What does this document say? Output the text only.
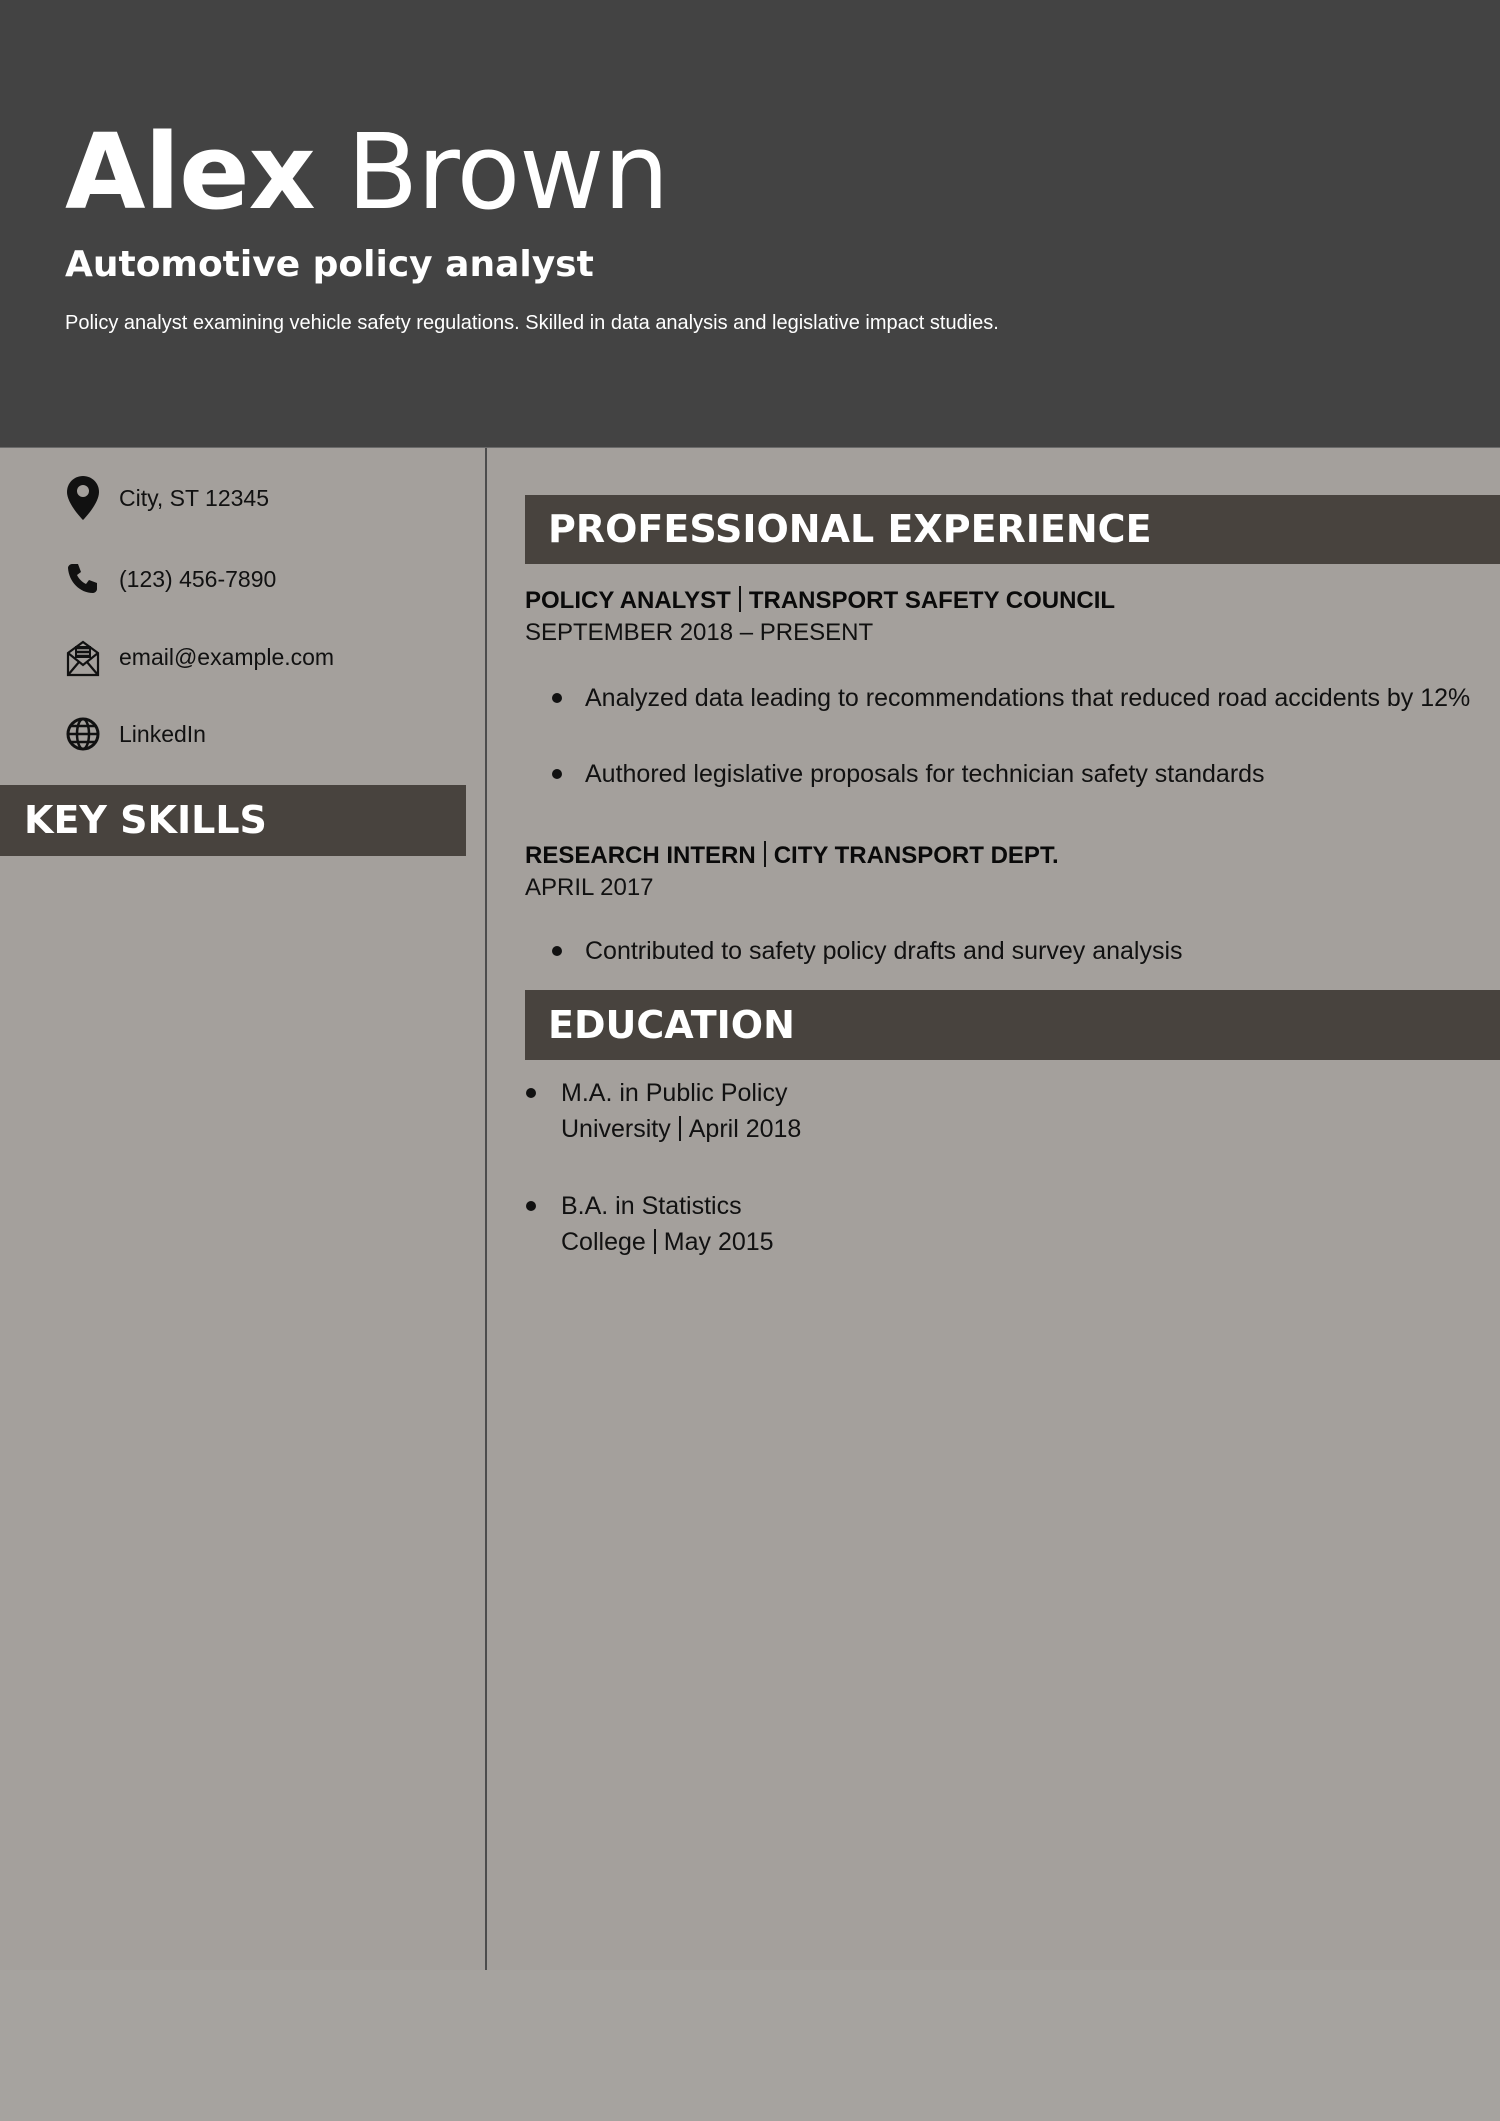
Alex Brown
Automotive policy analyst
Policy analyst examining vehicle safety regulations. Skilled in data analysis and legislative impact studies.
City, ST 12345
(123) 456-7890
email@example.com
LinkedIn
KEY SKILLS
PROFESSIONAL EXPERIENCE
POLICY ANALYST TRANSPORT SAFETY COUNCIL
SEPTEMBER 2018 – PRESENT
Analyzed data leading to recommendations that reduced road accidents by 12%
Authored legislative proposals for technician safety standards
RESEARCH INTERN CITY TRANSPORT DEPT.
APRIL 2017
Contributed to safety policy drafts and survey analysis
EDUCATION
M.A. in Public Policy
University April 2018
B.A. in Statistics
College May 2015
